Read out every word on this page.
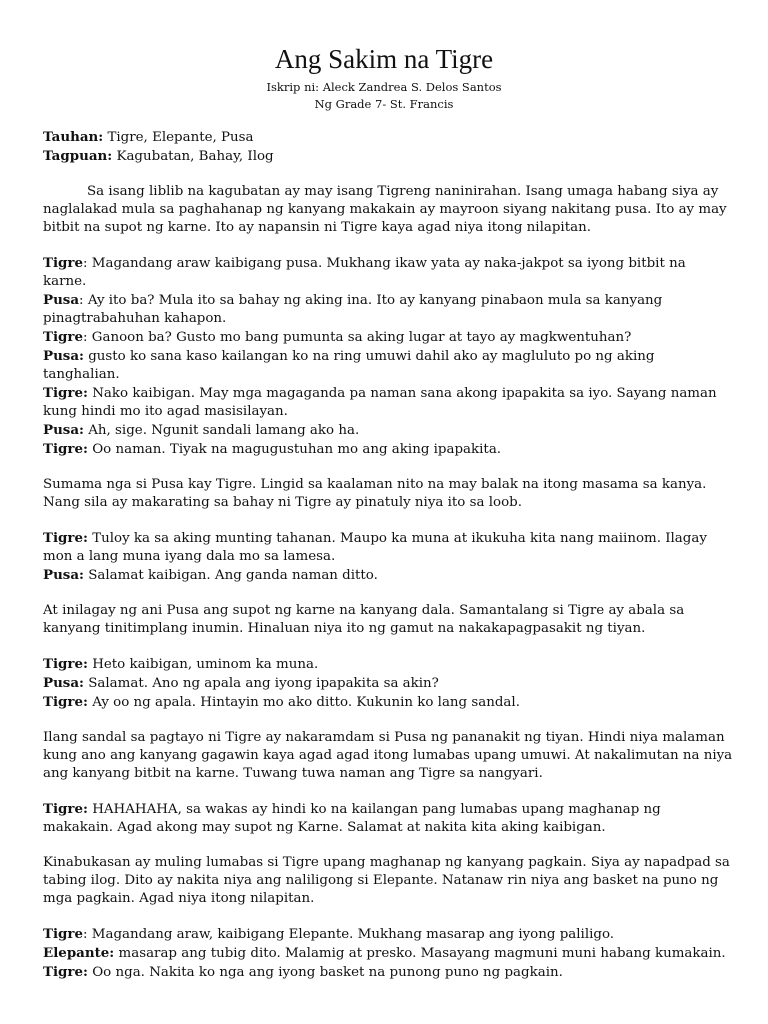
Ang Sakim na Tigre
Iskrip ni: Aleck Zandrea S. Delos Santos
Ng Grade 7- St. Francis

Tauhan: Tigre, Elepante, Pusa

Tagpuan: Kagubatan, Bahay, Ilog

Sa isang liblib na kagubatan ay may isang Tigreng naninirahan. Isang umaga habang siya ay naglalakad mula sa paghahanap ng kanyang makakain ay mayroon siyang nakitang pusa. Ito ay may bitbit na supot ng karne. Ito ay napansin ni Tigre kaya agad niya itong nilapitan.

Tigre: Magandang araw kaibigang pusa. Mukhang ikaw yata ay naka-jakpot sa iyong bitbit na karne.

Pusa: Ay ito ba? Mula ito sa bahay ng aking ina. Ito ay kanyang pinabaon mula sa kanyang pinagtrabahuhan kahapon.

Tigre: Ganoon ba? Gusto mo bang pumunta sa aking lugar at tayo ay magkwentuhan?

Pusa: gusto ko sana kaso kailangan ko na ring umuwi dahil ako ay magluluto po ng aking tanghalian.

Tigre: Nako kaibigan. May mga magaganda pa naman sana akong ipapakita sa iyo. Sayang naman kung hindi mo ito agad masisilayan.

Pusa: Ah, sige. Ngunit sandali lamang ako ha.

Tigre: Oo naman. Tiyak na magugustuhan mo ang aking ipapakita.

Sumama nga si Pusa kay Tigre. Lingid sa kaalaman nito na may balak na itong masama sa kanya. Nang sila ay makarating sa bahay ni Tigre ay pinatuly niya ito sa loob.

Tigre: Tuloy ka sa aking munting tahanan. Maupo ka muna at ikukuha kita nang maiinom. Ilagay mon a lang muna iyang dala mo sa lamesa.

Pusa: Salamat kaibigan. Ang ganda naman ditto.

At inilagay ng ani Pusa ang supot ng karne na kanyang dala. Samantalang si Tigre ay abala sa kanyang tinitimplang inumin. Hinaluan niya ito ng gamut na nakakapagpasakit ng tiyan.

Tigre: Heto kaibigan, uminom ka muna.

Pusa: Salamat. Ano ng apala ang iyong ipapakita sa akin?

Tigre: Ay oo ng apala. Hintayin mo ako ditto. Kukunin ko lang sandal.

Ilang sandal sa pagtayo ni Tigre ay nakaramdam si Pusa ng pananakit ng tiyan. Hindi niya malaman kung ano ang kanyang gagawin kaya agad agad itong lumabas upang umuwi. At nakalimutan na niya ang kanyang bitbit na karne. Tuwang tuwa naman ang Tigre sa nangyari.

Tigre: HAHAHAHA, sa wakas ay hindi ko na kailangan pang lumabas upang maghanap ng makakain. Agad akong may supot ng Karne. Salamat at nakita kita aking kaibigan.

Kinabukasan ay muling lumabas si Tigre upang maghanap ng kanyang pagkain. Siya ay napadpad sa tabing ilog. Dito ay nakita niya ang naliligong si Elepante. Natanaw rin niya ang basket na puno ng mga pagkain. Agad niya itong nilapitan.

Tigre: Magandang araw, kaibigang Elepante. Mukhang masarap ang iyong paliligo.

Elepante: masarap ang tubig dito. Malamig at presko. Masayang magmuni muni habang kumakain.

Tigre: Oo nga. Nakita ko nga ang iyong basket na punong puno ng pagkain.
